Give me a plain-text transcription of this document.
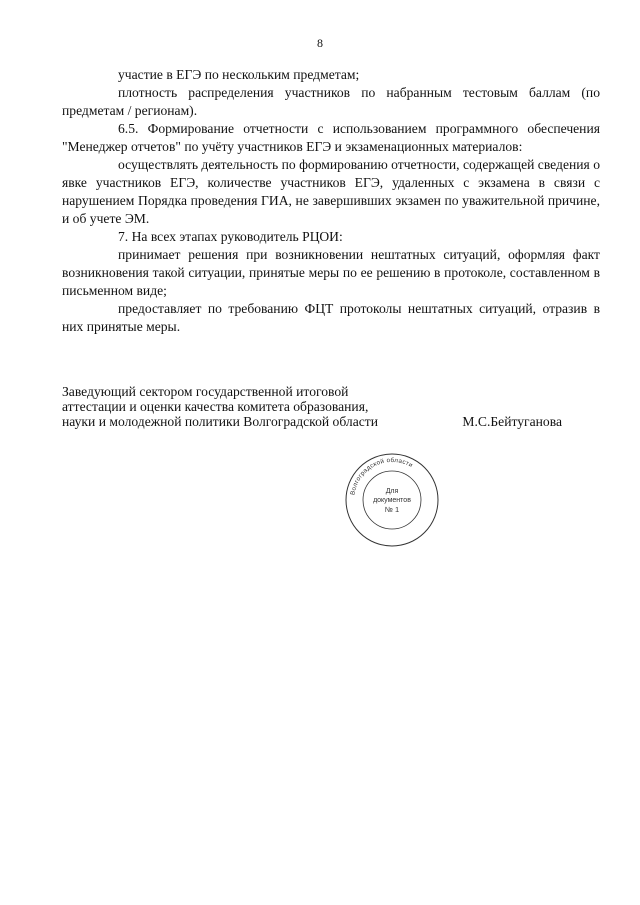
8

участие в ЕГЭ по нескольким предметам;

плотность распределения участников по набранным тестовым баллам (по предметам / регионам).

6.5. Формирование отчетности с использованием программного обеспечения "Менеджер отчетов" по учёту участников ЕГЭ и экзаменационных материалов:

осуществлять деятельность по формированию отчетности, содержащей сведения о явке участников ЕГЭ, количестве участников ЕГЭ, удаленных с экзамена в связи с нарушением Порядка проведения ГИА, не завершивших экзамен по уважительной причине, и об учете ЭМ.

7. На всех этапах руководитель РЦОИ:

принимает решения при возникновении нештатных ситуаций, оформляя факт возникновения такой ситуации, принятые меры по ее решению в протоколе, составленном в письменном виде;

предоставляет по требованию ФЦТ протоколы нештатных ситуаций, отразив в них принятые меры.

Заведующий сектором государственной итоговой аттестации и оценки качества комитета образования, науки и молодежной политики Волгоградской области	М.С.Бейтуганова

Волгоградской области
Для
документов
№ 1
